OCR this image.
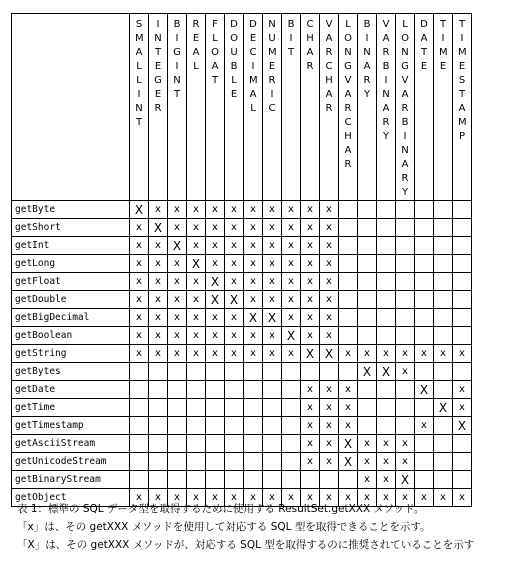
	SMALLINT	INTEGER	BIGINT	REAL	FLOAT	DOUBLE	DECIMAL	NUMERIC	BIT	CHAR	VARCHAR	LONGVARCHAR	BINARY	VARBINARY	LONGVARBINARY	DATE	TIME	TIMESTAMP

getByte	X	x	x	x	x	x	x	x	x	x	x							
getShort	x	X	x	x	x	x	x	x	x	x	x							
getInt	x	x	X	x	x	x	x	x	x	x	x							
getLong	x	x	x	X	x	x	x	x	x	x	x							
getFloat	x	x	x	x	X	x	x	x	x	x	x							
getDouble	x	x	x	x	X	X	x	x	x	x	x							
getBigDecimal	x	x	x	x	x	x	X	X	x	x	x							
getBoolean	x	x	x	x	x	x	x	x	X	x	x							
getString	x	x	x	x	x	x	x	x	x	X	X	x	x	x	x	x	x	x
getBytes													X	X	x			
getDate										x	x	x				X		x
getTime										x	x	x					X	x
getTimestamp										x	x	x				x		X
getAsciiStream										x	x	X	x	x	x			
getUnicodeStream										x	x	X	x	x	x			
getBinaryStream													x	x	X			
getObject	x	x	x	x	x	x	x	x	x	x	x	x	x	x	x	x	x	x
表 1：標準の SQL データ型を取得するために使用する ResultSet.getXXX メソッド。
「x」は、その getXXX メソッドを使用して対応する SQL 型を取得できることを示す。
「X」は、その getXXX メソッドが、対応する SQL 型を取得するのに推奨されていることを示す
